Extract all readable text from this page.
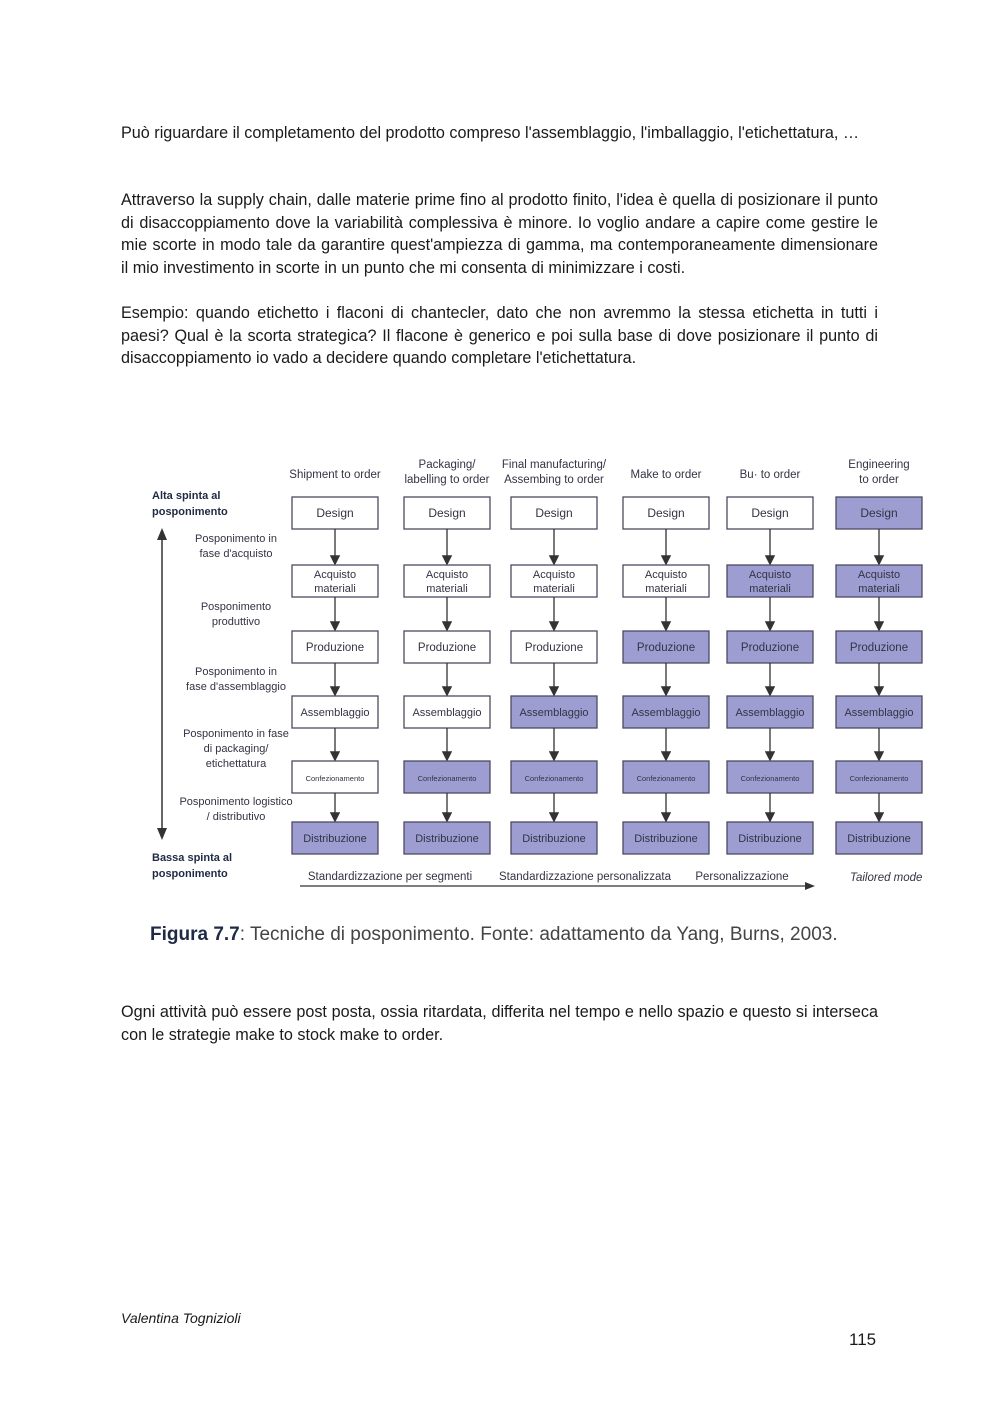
Può riguardare il completamento del prodotto compreso l'assemblaggio, l'imballaggio, l'etichettatura, …

Attraverso la supply chain, dalle materie prime fino al prodotto finito, l'idea è quella di posizionare il punto di disaccoppiamento dove la variabilità complessiva è minore. Io voglio andare a capire come gestire le mie scorte in modo tale da garantire quest'ampiezza di gamma, ma contemporaneamente dimensionare il mio investimento in scorte in un punto che mi consenta di minimizzare i costi.

Esempio: quando etichetto i flaconi di chantecler, dato che non avremmo la stessa etichetta in tutti i paesi? Qual è la scorta strategica? Il flacone è generico e poi sulla base di dove posizionare il punto di disaccoppiamento io vado a decidere quando completare l'etichettatura.

Shipment to order
Packaging/ labelling to order
Final manufacturing/ Assembing to order Make to order	Bu· to order
Engineering to order
Alta spinta al posponimento
Bassa spinta al posponimento
Posponimento in fase d'acquisto
Posponimento produttivo
Posponimento in fase d'assemblaggio
Posponimento in fase di packaging/ etichettatura
Posponimento logistico / distributivo
Design
Acquisto materiali
Produzione
Assemblaggio
Confezionamento
Distribuzione
Design
Acquisto materiali
Produzione
Assemblaggio
Confezionamento
Distribuzione
Design
Acquisto materiali
Produzione
Assemblaggio
Confezionamento
Distribuzione
Design
Acquisto materiali
Produzione
Assemblaggio
Confezionamento
Distribuzione
Design
Acquisto materiali
Produzione
Assemblaggio
Confezionamento
Distribuzione
Design
Acquisto materiali
Produzione
Assemblaggio
Confezionamento
Distribuzione
Standardizzazione per segmenti Standardizzazione personalizzata Personalizzazione	Tailored mode
Figura 7.7: Tecniche di posponimento. Fonte: adattamento da Yang, Burns, 2003.

Ogni attività può essere post posta, ossia ritardata, differita nel tempo e nello spazio e questo si interseca con le strategie make to stock make to order.

Valentina Tognizioli
115
